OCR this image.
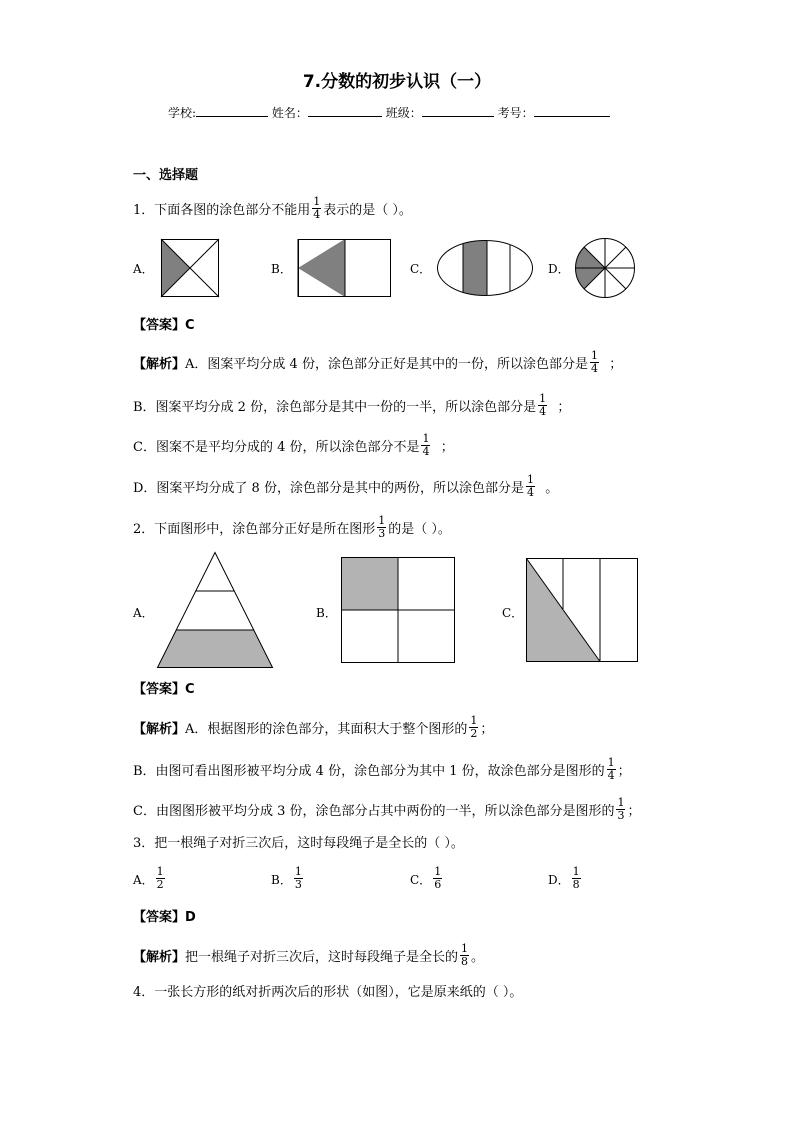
7.分数的初步认识（一）
学校:	姓名：	班级：	考号：
一、选择题
1．下面各图的涂色部分不能用 $\frac{1}{4}$ 表示的是（ ）。
A．	B．	C．	D．
【答案】C
【解析】A．图案平均分成 4 份，涂色部分正好是其中的一份，所以涂色部分是 $\frac{1}{4}$ ；
B．图案平均分成 2 份，涂色部分是其中一份的一半，所以涂色部分是 $\frac{1}{4}$ ；
C．图案不是平均分成的 4 份，所以涂色部分不是 $\frac{1}{4}$ ；
D．图案平均分成了 8 份，涂色部分是其中的两份，所以涂色部分是 $\frac{1}{4}$ 。
2．下面图形中，涂色部分正好是所在图形 $\frac{1}{3}$ 的是（ ）。
A．	B．	C．
【答案】C
【解析】A．根据图形的涂色部分，其面积大于整个图形的 $\frac{1}{2}$ ；
B．由图可看出图形被平均分成 4 份，涂色部分为其中 1 份，故涂色部分是图形的 $\frac{1}{4}$ ；
C．由图图形被平均分成 3 份，涂色部分占其中两份的一半，所以涂色部分是图形的 $\frac{1}{3}$ ；
3．把一根绳子对折三次后，这时每段绳子是全长的（ ）。
A． $\frac{1}{2}$	B． $\frac{1}{3}$	C． $\frac{1}{6}$	D． $\frac{1}{8}$
【答案】D
【解析】把一根绳子对折三次后，这时每段绳子是全长的 $\frac{1}{8}$ 。
4．一张长方形的纸对折两次后的形状（如图），它是原来纸的（ ）。
